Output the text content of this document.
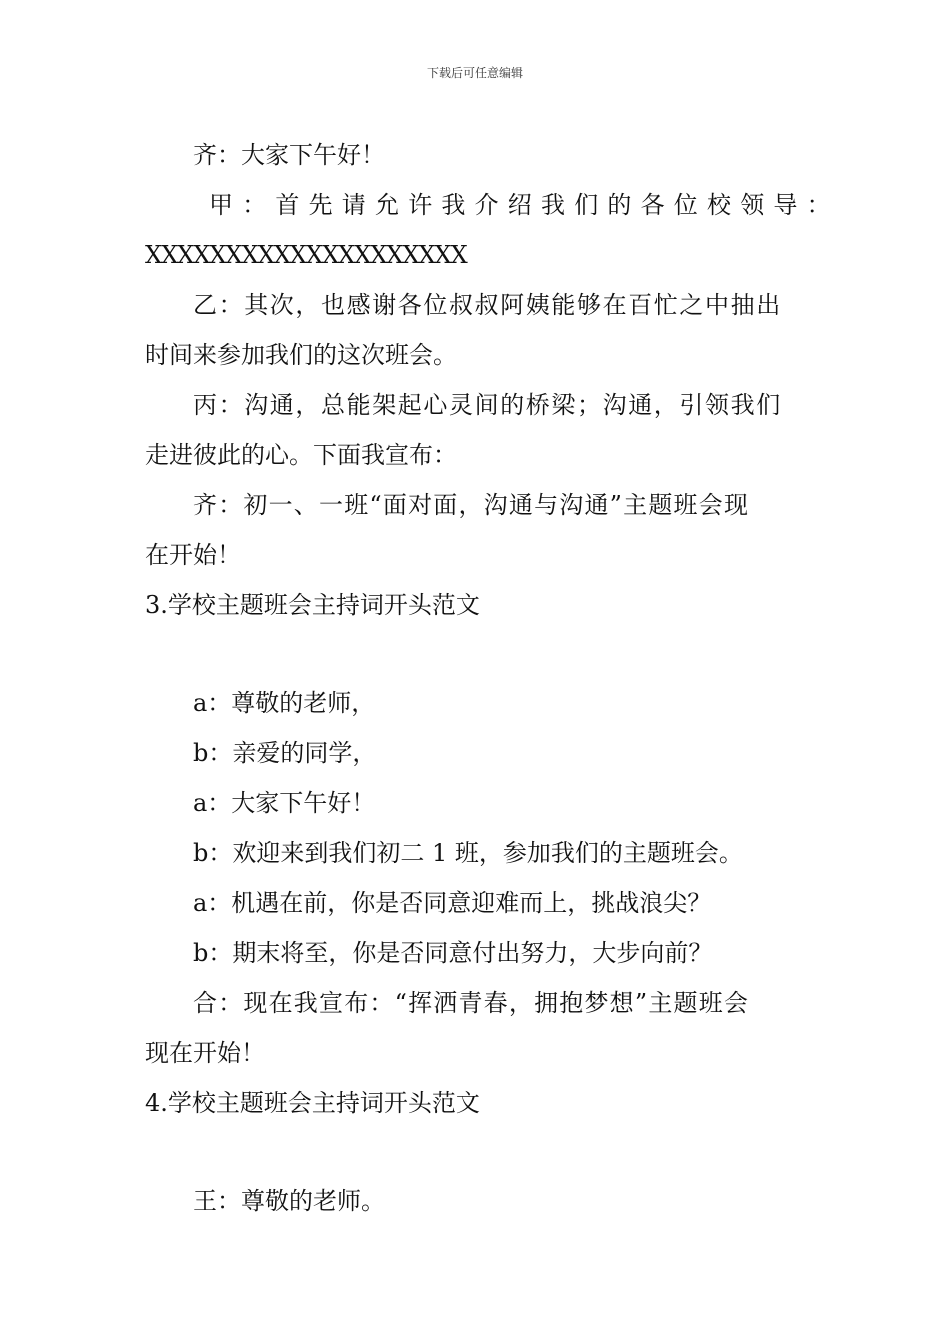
下载后可任意编辑
齐：大家下午好！
甲：首先请允许我介绍我们的各位校领导：
XXXXXXXXXXXXXXXXXXXX
乙：其次，也感谢各位叔叔阿姨能够在百忙之中抽出
时间来参加我们的这次班会。
丙：沟通，总能架起心灵间的桥梁；沟通，引领我们
走进彼此的心。下面我宣布：
齐：初一、一班“面对面，沟通与沟通”主题班会现
在开始！
3.学校主题班会主持词开头范文
a：尊敬的老师，
b：亲爱的同学，
a：大家下午好！
b：欢迎来到我们初二 1 班，参加我们的主题班会。
a：机遇在前，你是否同意迎难而上，挑战浪尖？
b：期末将至，你是否同意付出努力，大步向前？
合：现在我宣布：“挥洒青春，拥抱梦想”主题班会
现在开始！
4.学校主题班会主持词开头范文
王：尊敬的老师。
